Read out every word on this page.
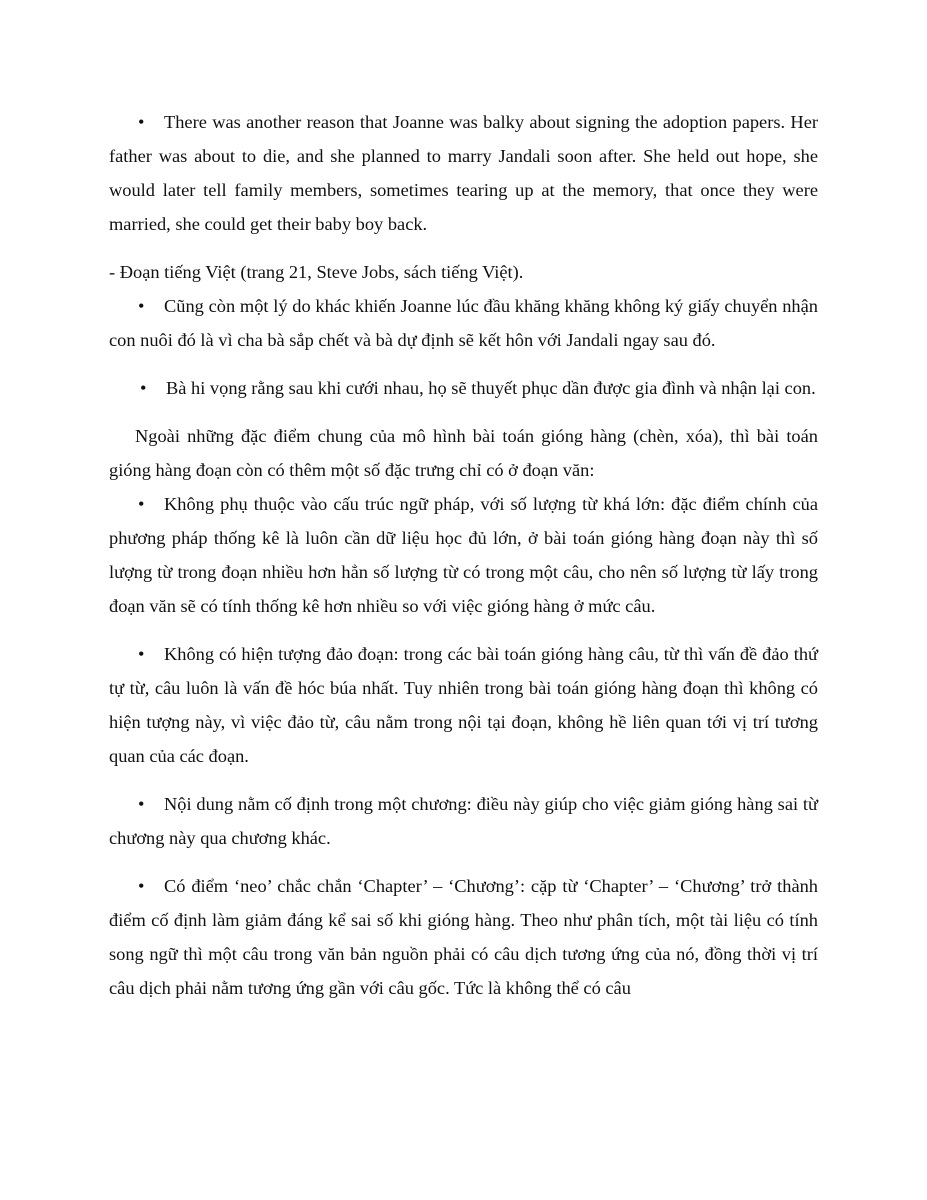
• There was another reason that Joanne was balky about signing the adoption papers. Her father was about to die, and she planned to marry Jandali soon after. She held out hope, she would later tell family members, sometimes tearing up at the memory, that once they were married, she could get their baby boy back.

- Đoạn tiếng Việt (trang 21, Steve Jobs, sách tiếng Việt).

• Cũng còn một lý do khác khiến Joanne lúc đầu khăng khăng không ký giấy chuyển nhận con nuôi đó là vì cha bà sắp chết và bà dự định sẽ kết hôn với Jandali ngay sau đó.

• Bà hi vọng rằng sau khi cưới nhau, họ sẽ thuyết phục dần được gia đình và nhận lại con.

Ngoài những đặc điểm chung của mô hình bài toán gióng hàng (chèn, xóa), thì bài toán gióng hàng đoạn còn có thêm một số đặc trưng chỉ có ở đoạn văn:

• Không phụ thuộc vào cấu trúc ngữ pháp, với số lượng từ khá lớn: đặc điểm chính của phương pháp thống kê là luôn cần dữ liệu học đủ lớn, ở bài toán gióng hàng đoạn này thì số lượng từ trong đoạn nhiều hơn hẳn số lượng từ có trong một câu, cho nên số lượng từ lấy trong đoạn văn sẽ có tính thống kê hơn nhiều so với việc gióng hàng ở mức câu.

• Không có hiện tượng đảo đoạn: trong các bài toán gióng hàng câu, từ thì vấn đề đảo thứ tự từ, câu luôn là vấn đề hóc búa nhất. Tuy nhiên trong bài toán gióng hàng đoạn thì không có hiện tượng này, vì việc đảo từ, câu nằm trong nội tại đoạn, không hề liên quan tới vị trí tương quan của các đoạn.

• Nội dung nằm cố định trong một chương: điều này giúp cho việc giảm gióng hàng sai từ chương này qua chương khác.

• Có điểm ‘neo’ chắc chắn ‘Chapter’ – ‘Chương’: cặp từ ‘Chapter’ – ‘Chương’ trở thành điểm cố định làm giảm đáng kể sai số khi gióng hàng. Theo như phân tích, một tài liệu có tính song ngữ thì một câu trong văn bản nguồn phải có câu dịch tương ứng của nó, đồng thời vị trí câu dịch phải nằm tương ứng gần với câu gốc. Tức là không thể có câu
